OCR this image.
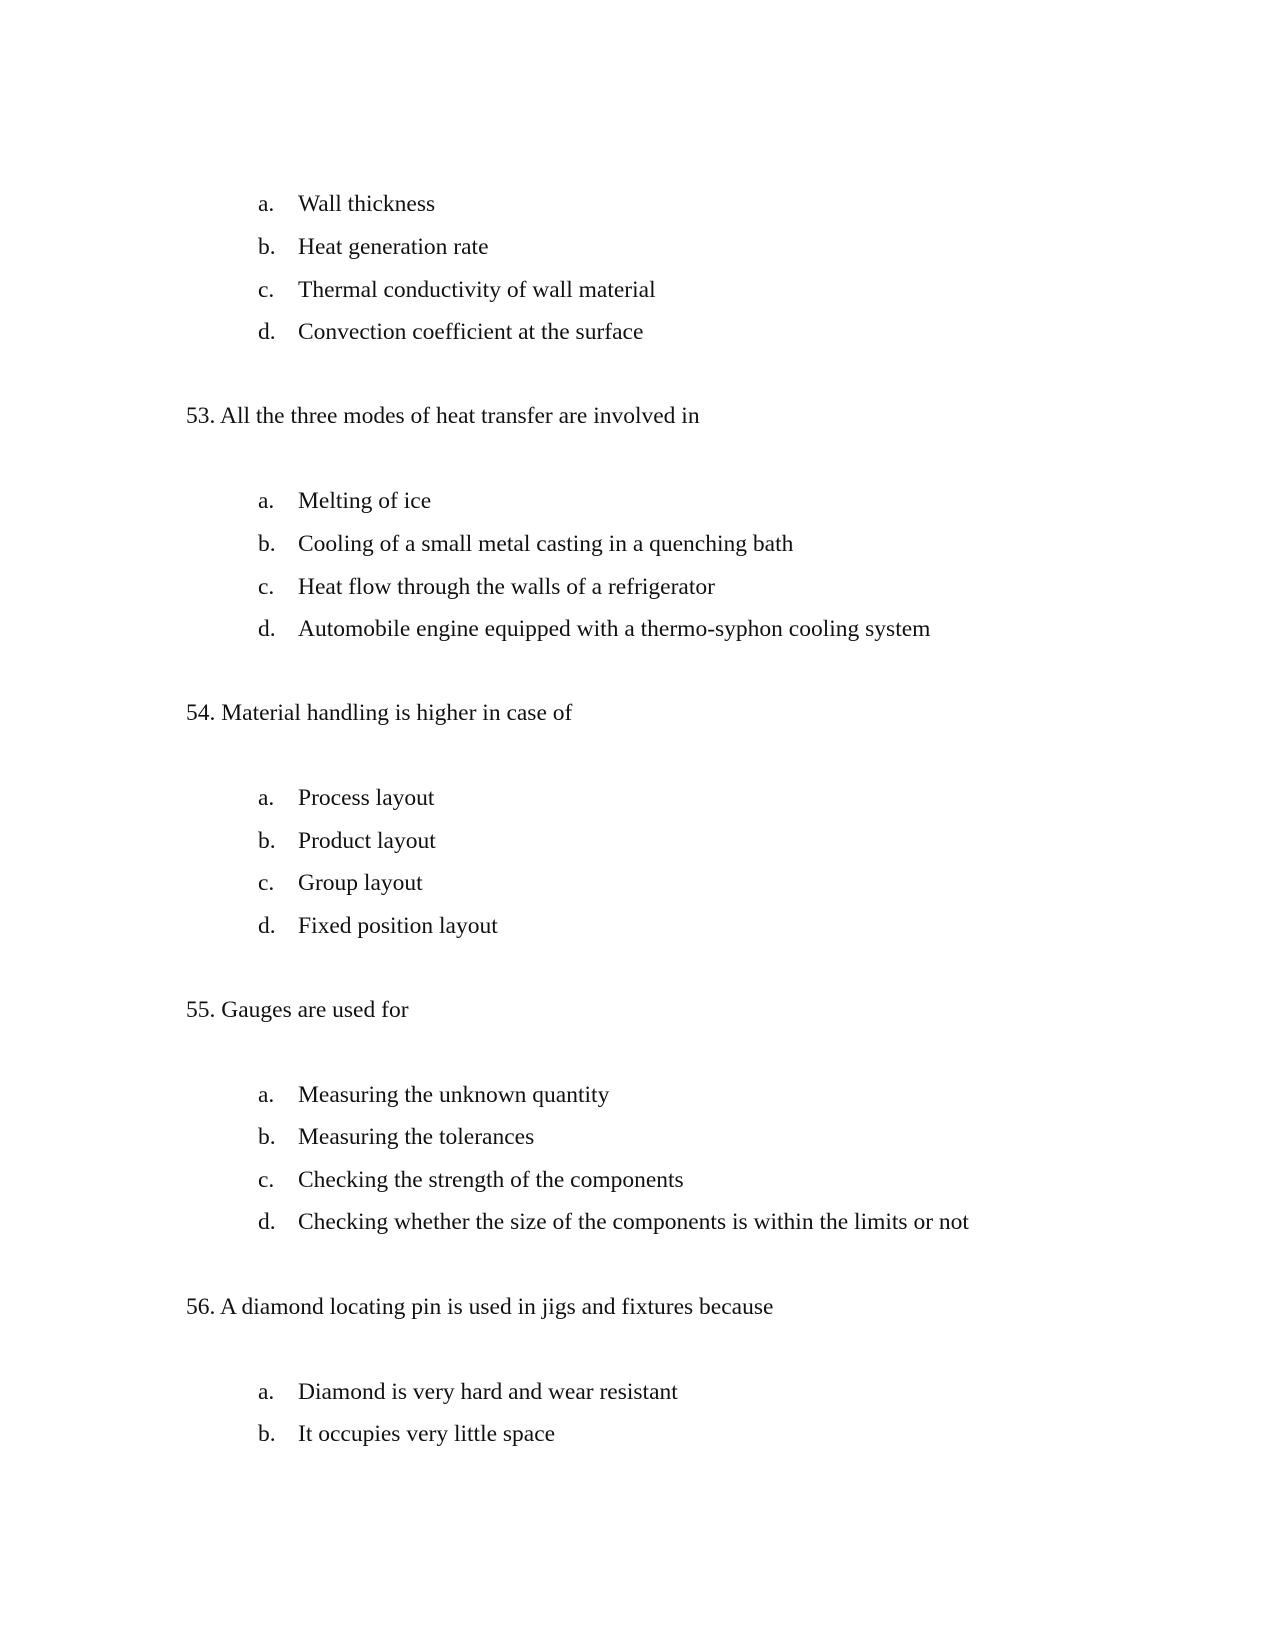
a. Wall thickness
b. Heat generation rate
c. Thermal conductivity of wall material
d. Convection coefficient at the surface
53. All the three modes of heat transfer are involved in
a. Melting of ice
b. Cooling of a small metal casting in a quenching bath
c. Heat flow through the walls of a refrigerator
d. Automobile engine equipped with a thermo-syphon cooling system
54. Material handling is higher in case of
a. Process layout
b. Product layout
c. Group layout
d. Fixed position layout
55. Gauges are used for
a. Measuring the unknown quantity
b. Measuring the tolerances
c. Checking the strength of the components
d. Checking whether the size of the components is within the limits or not
56. A diamond locating pin is used in jigs and fixtures because
a. Diamond is very hard and wear resistant
b. It occupies very little space
